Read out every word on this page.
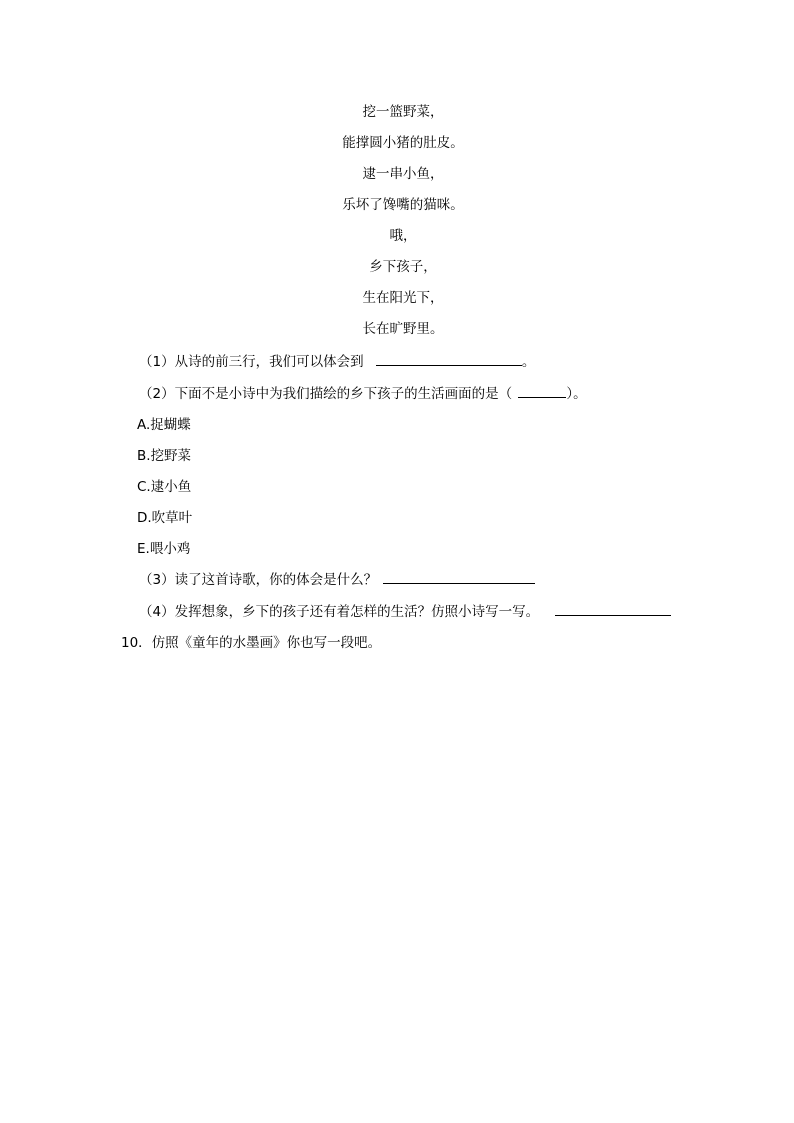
挖一篮野菜，
能撑圆小猪的肚皮。
逮一串小鱼，
乐坏了馋嘴的猫咪。
哦，
乡下孩子，
生在阳光下，
长在旷野里。
（1）从诗的前三行，我们可以体会到	。
（2）下面不是小诗中为我们描绘的乡下孩子的生活画面的是（	）。
A.捉蝴蝶
B.挖野菜
C.逮小鱼
D.吹草叶
E.喂小鸡
（3）读了这首诗歌，你的体会是什么？
（4）发挥想象，乡下的孩子还有着怎样的生活？仿照小诗写一写。
10．仿照《童年的水墨画》你也写一段吧。
